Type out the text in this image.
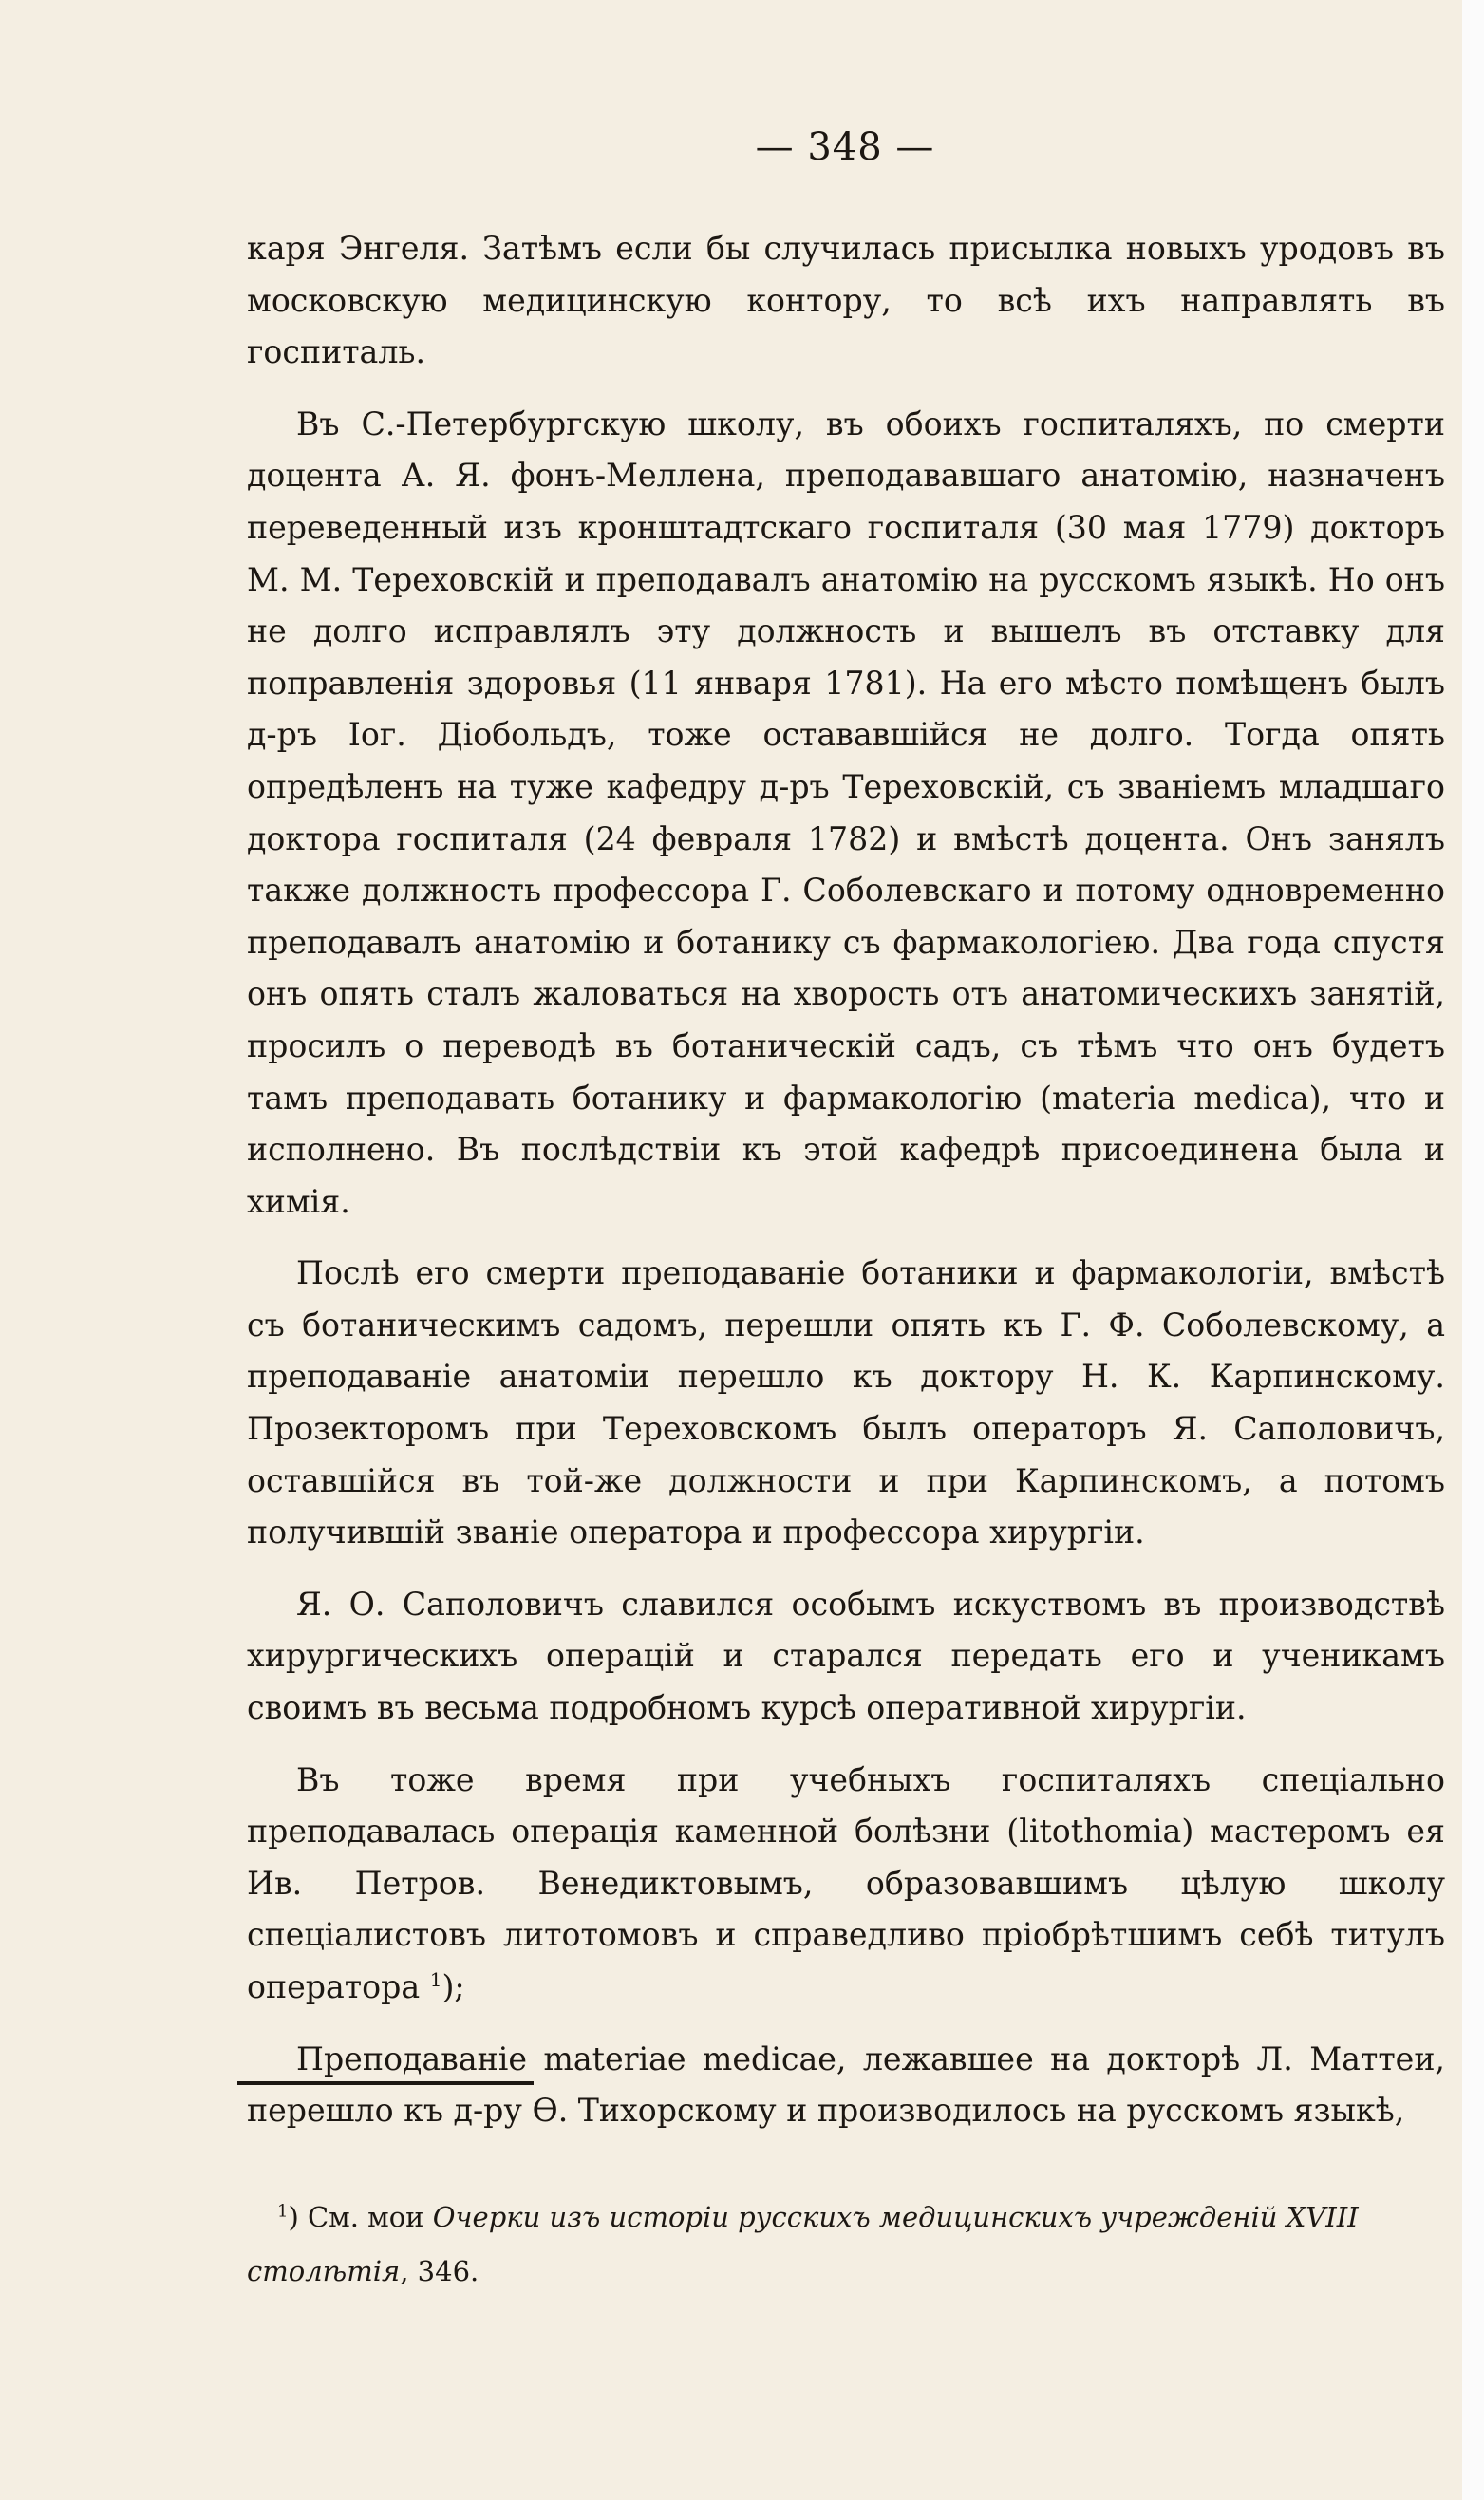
— 348 —

каря Энгеля. Затѣмъ если бы случилась присылка новыхъ уродовъ въ московскую медицинскую контору, то всѣ ихъ направлять въ госпиталь.

Въ С.-Петербургскую школу, въ обоихъ госпиталяхъ, по смерти доцента А. Я. фонъ-Меллена, преподававшаго анатомію, назначенъ переведенный изъ кронштадтскаго госпиталя (30 мая 1779) докторъ М. М. Тереховскій и преподавалъ анатомію на русскомъ языкѣ. Но онъ не долго исправлялъ эту должность и вышелъ въ отставку для поправленія здоровья (11 января 1781). На его мѣсто помѣщенъ былъ д-ръ Іог. Діобольдъ, тоже остававшійся не долго. Тогда опять опредѣленъ на туже кафедру д-ръ Тереховскій, съ званіемъ младшаго доктора госпиталя (24 февраля 1782) и вмѣстѣ доцента. Онъ занялъ также должность профессора Г. Соболевскаго и потому одновременно преподавалъ анатомію и ботанику съ фармакологіею. Два года спустя онъ опять сталъ жаловаться на хворость отъ анатомическихъ занятій, просилъ о переводѣ въ ботаническій садъ, съ тѣмъ что онъ будетъ тамъ преподавать ботанику и фармакологію (materia medica), что и исполнено. Въ послѣдствіи къ этой кафедрѣ присоединена была и химія.

Послѣ его смерти преподаваніе ботаники и фармакологіи, вмѣстѣ съ ботаническимъ садомъ, перешли опять къ Г. Ф. Соболевскому, а преподаваніе анатоміи перешло къ доктору Н. К. Карпинскому. Прозекторомъ при Тереховскомъ былъ операторъ Я. Саполовичъ, оставшійся въ той-же должности и при Карпинскомъ, а потомъ получившій званіе оператора и профессора хирургіи.

Я. О. Саполовичъ славился особымъ искуствомъ въ производствѣ хирургическихъ операцій и старался передать его и ученикамъ своимъ въ весьма подробномъ курсѣ оперативной хирургіи.

Въ тоже время при учебныхъ госпиталяхъ спеціально преподавалась операція каменной болѣзни (litothomia) мастеромъ ея Ив. Петров. Венедиктовымъ, образовавшимъ цѣлую школу спеціалистовъ литотомовъ и справедливо пріобрѣтшимъ себѣ титулъ оператора $^1$);

Преподаваніе materiae medicae, лежавшее на докторѣ Л. Маттеи, перешло къ д-ру Ѳ. Тихорскому и производилось на русскомъ языкѣ,

$^1$) См. мои Очерки изъ исторіи русскихъ медицинскихъ учрежденій XVIII столѣтія, 346.
